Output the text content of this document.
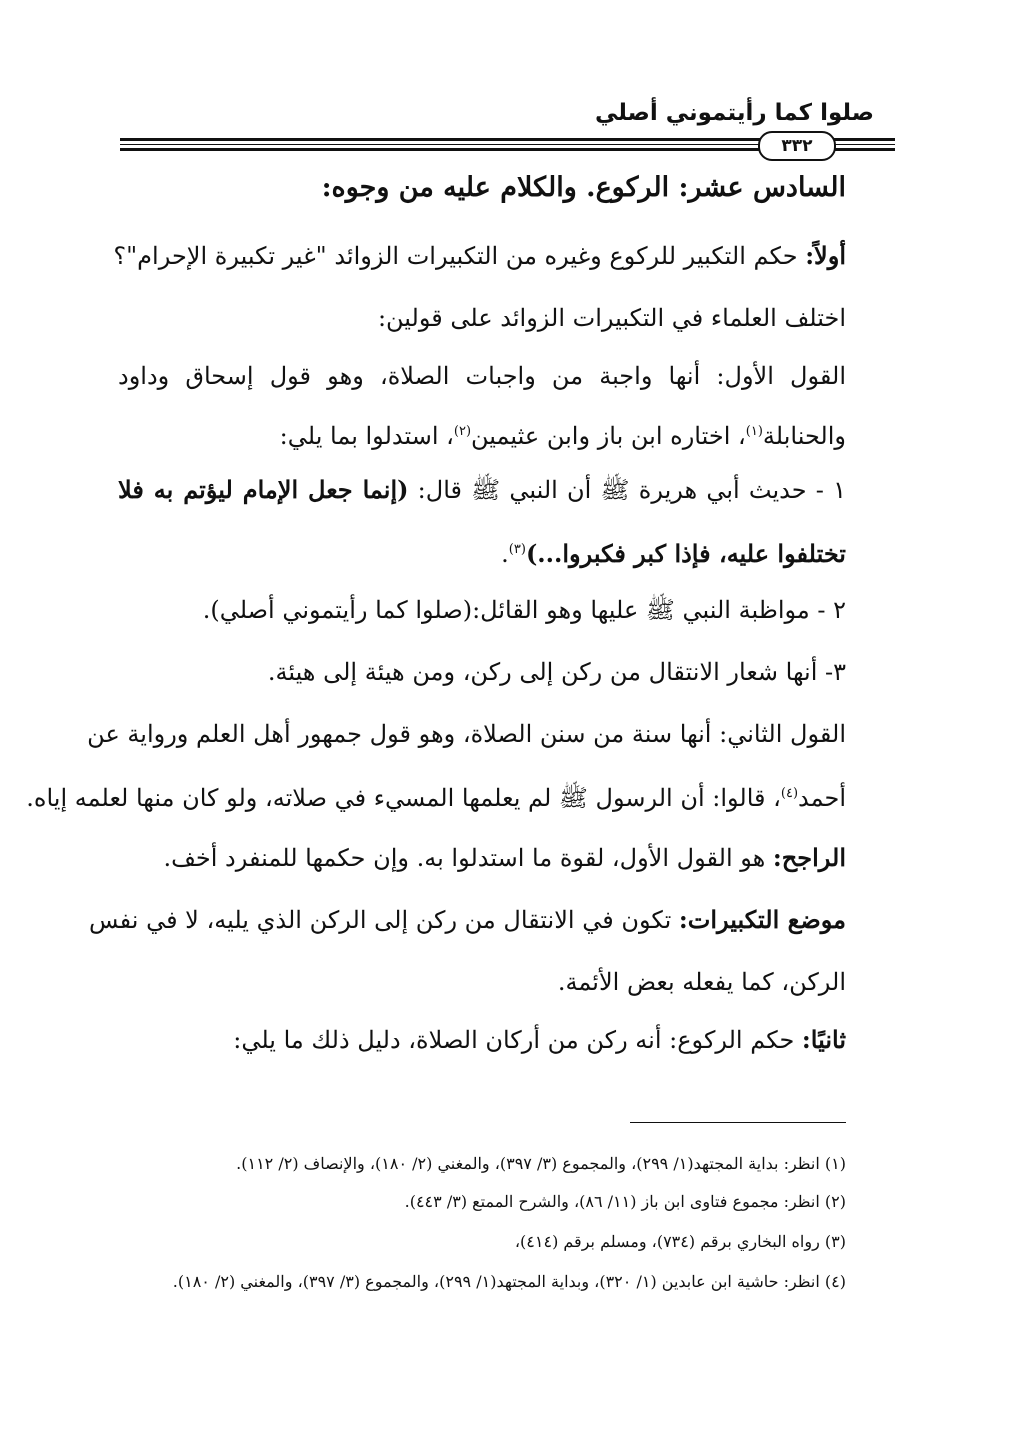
صلوا كما رأيتموني أصلي
٣٣٢
السادس عشر: الركوع. والكلام عليه من وجوه:
أولاً: حكم التكبير للركوع وغيره من التكبيرات الزوائد "غير تكبيرة الإحرام"؟
اختلف العلماء في التكبيرات الزوائد على قولين:
القول الأول: أنها واجبة من واجبات الصلاة، وهو قول إسحاق وداود
والحنابلة$^{(١)}$، اختاره ابن باز وابن عثيمين$^{(٢)}$، استدلوا بما يلي:
١ - حديث أبي هريرة ﷺ أن النبي ﷺ قال: (إنما جعل الإمام ليؤتم به فلا
تختلفوا عليه، فإذا كبر فكبروا...)$^{(٣)}$.
٢ - مواظبة النبي ﷺ عليها وهو القائل:(صلوا كما رأيتموني أصلي).
٣- أنها شعار الانتقال من ركن إلى ركن، ومن هيئة إلى هيئة.
القول الثاني: أنها سنة من سنن الصلاة، وهو قول جمهور أهل العلم ورواية عن
أحمد$^{(٤)}$، قالوا: أن الرسول ﷺ لم يعلمها المسيء في صلاته، ولو كان منها لعلمه إياه.
الراجح: هو القول الأول، لقوة ما استدلوا به. وإن حكمها للمنفرد أخف.
موضع التكبيرات: تكون في الانتقال من ركن إلى الركن الذي يليه، لا في نفس
الركن، كما يفعله بعض الأئمة.
ثانيًا: حكم الركوع: أنه ركن من أركان الصلاة، دليل ذلك ما يلي:
(١) انظر: بداية المجتهد(١/ ٢٩٩)، والمجموع (٣/ ٣٩٧)، والمغني (٢/ ١٨٠)، والإنصاف (٢/ ١١٢).
(٢) انظر: مجموع فتاوى ابن باز (١١/ ٨٦)، والشرح الممتع (٣/ ٤٤٣).
(٣) رواه البخاري برقم (٧٣٤)، ومسلم برقم (٤١٤)،
(٤) انظر: حاشية ابن عابدين (١/ ٣٢٠)، وبداية المجتهد(١/ ٢٩٩)، والمجموع (٣/ ٣٩٧)، والمغني (٢/ ١٨٠).
